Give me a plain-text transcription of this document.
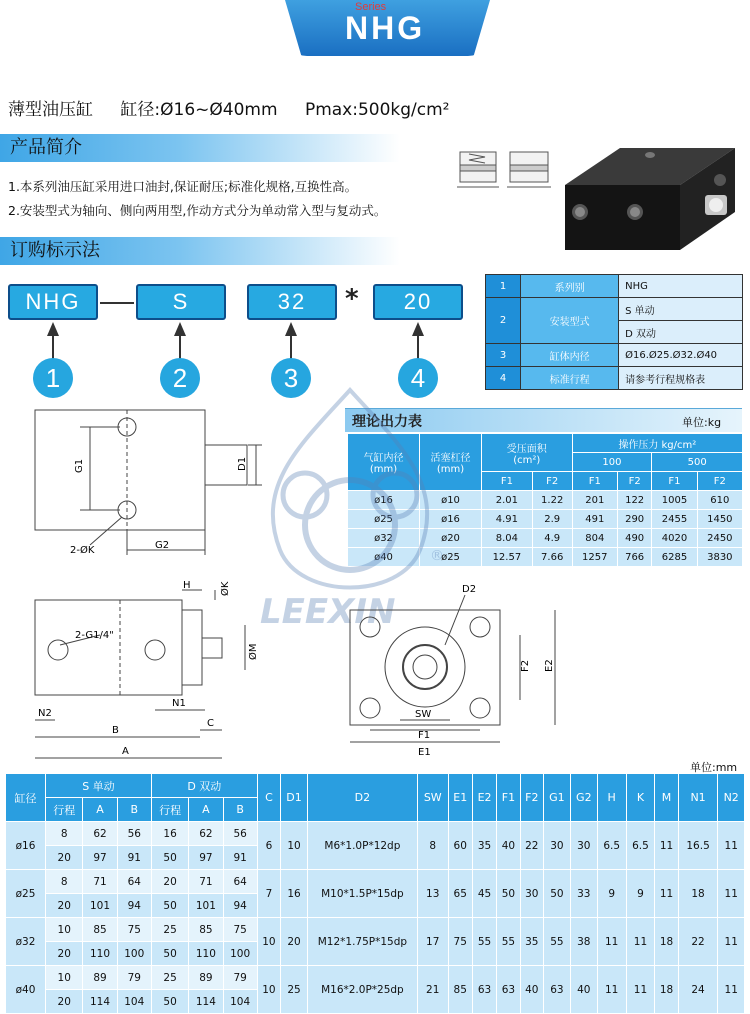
Series
NHG
薄型油压缸 缸径:Ø16~Ø40mm Pmax:500kg/cm²
产品简介
1.本系列油压缸采用进口油封,保证耐压;标准化规格,互换性高。
2.安装型式为轴向、侧向两用型,作动方式分为单动常入型与复动式。
订购标示法
NHG	S	32	*	20
1	2	3	4
1	系列别	NHG
2	安装型式	S 单动
		D 双动
3	缸体内径	Ø16.Ø25.Ø32.Ø40
4	标准行程	请参考行程规格表
G1	D1
2-ØK	G2
理论出力表	单位:kg
气缸内径
(mm)	活塞杠径
(mm)	受压面积
(cm²)		操作压力 kg/cm²			
				100		500	
		F1	F2	F1	F2	F1	F2
ø16	ø10	2.01	1.22	201	122	1005	610
ø25	ø16	4.91	2.9	491	290	2455	1450
ø32	ø20	8.04	4.9	804	490	4020	2450
ø40	ø25	12.57	7.66	1257	766	6285	3830
LEEXIN
®
H	ØK
ØM
2-G1/4"
N2
N1
B
C
A
D2
F2 E2
SW
F1
E1
单位:mm
缸径	S 单动			D 双动			C	D1	D2	SW	E1	E2	F1	F2	G1	G2	H	K	M	N1	N2
	行程	A	B	行程	A	B															
ø16	8	62	56	16	62	56	6	10	M6*1.0P*12dp	8	60	35	40	22	30	30	6.5	6.5	11	16.5	11
	20	97	91	50	97	91															
ø25	8	71	64	20	71	64	7	16	M10*1.5P*15dp	13	65	45	50	30	50	33	9	9	11	18	11
	20	101	94	50	101	94															
ø32	10	85	75	25	85	75	10	20	M12*1.75P*15dp	17	75	55	55	35	55	38	11	11	18	22	11
	20	110	100	50	110	100															
ø40	10	89	79	25	89	79	10	25	M16*2.0P*25dp	21	85	63	63	40	63	40	11	11	18	24	11
	20	114	104	50	114	104															
